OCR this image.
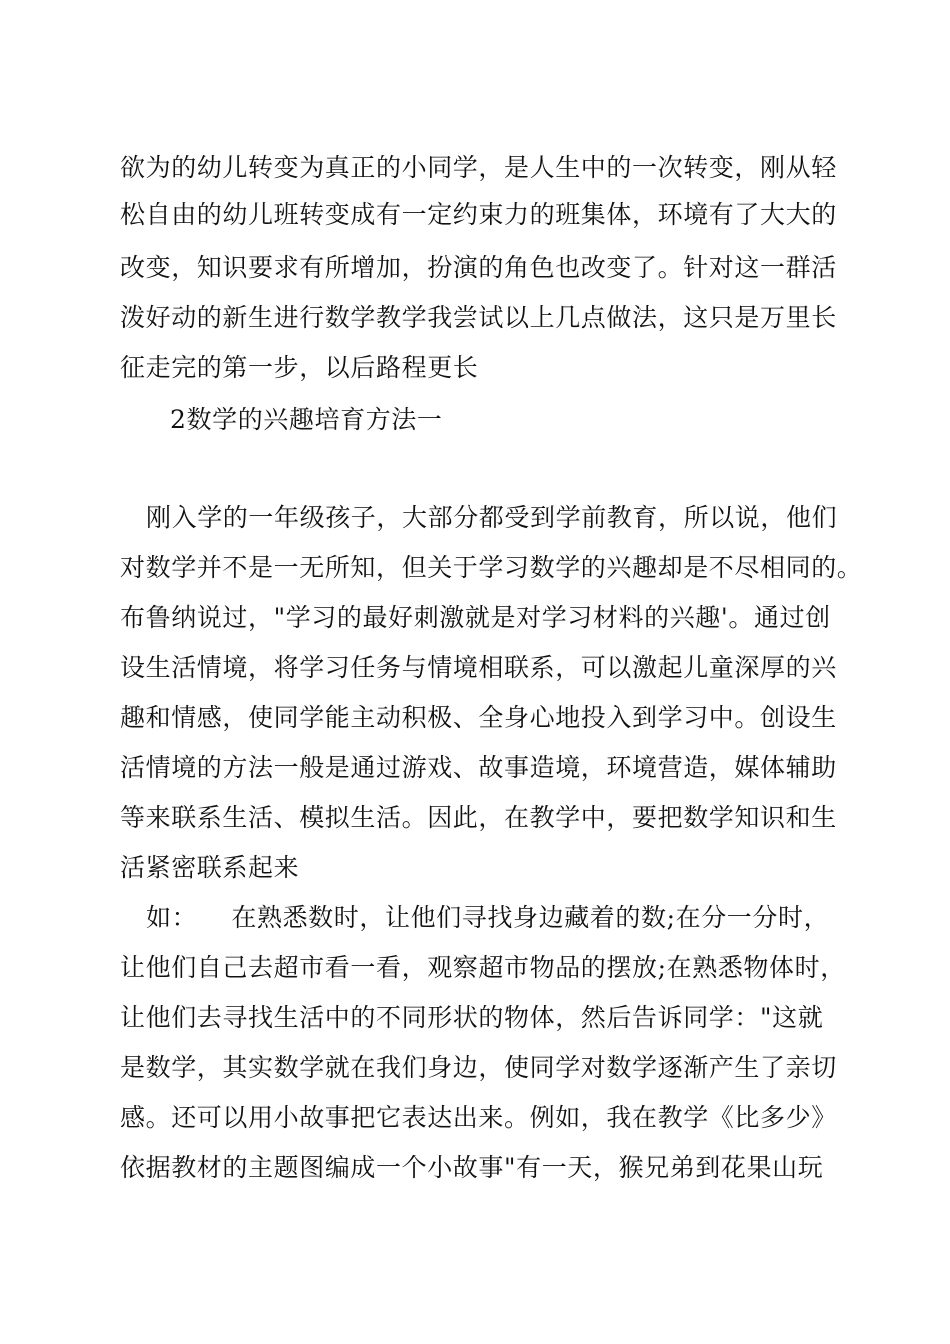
欲为的幼儿转变为真正的小同学，是人生中的一次转变，刚从轻
松自由的幼儿班转变成有一定约束力的班集体，环境有了大大的
改变，知识要求有所增加，扮演的角色也改变了。针对这一群活
泼好动的新生进行数学教学我尝试以上几点做法，这只是万里长
征走完的第一步，以后路程更长
2数学的兴趣培育方法一
刚入学的一年级孩子，大部分都受到学前教育，所以说，他们
对数学并不是一无所知，但关于学习数学的兴趣却是不尽相同的。
布鲁纳说过，"学习的最好刺激就是对学习材料的兴趣'。通过创
设生活情境，将学习任务与情境相联系，可以激起儿童深厚的兴
趣和情感，使同学能主动积极、全身心地投入到学习中。创设生
活情境的方法一般是通过游戏、故事造境，环境营造，媒体辅助
等来联系生活、模拟生活。因此，在教学中，要把数学知识和生
活紧密联系起来
如：    在熟悉数时，让他们寻找身边藏着的数;在分一分时，
让他们自己去超市看一看，观察超市物品的摆放;在熟悉物体时，
让他们去寻找生活中的不同形状的物体，然后告诉同学："这就
是数学，其实数学就在我们身边，使同学对数学逐渐产生了亲切
感。还可以用小故事把它表达出来。例如，我在教学《比多少》
依据教材的主题图编成一个小故事"有一天，猴兄弟到花果山玩
